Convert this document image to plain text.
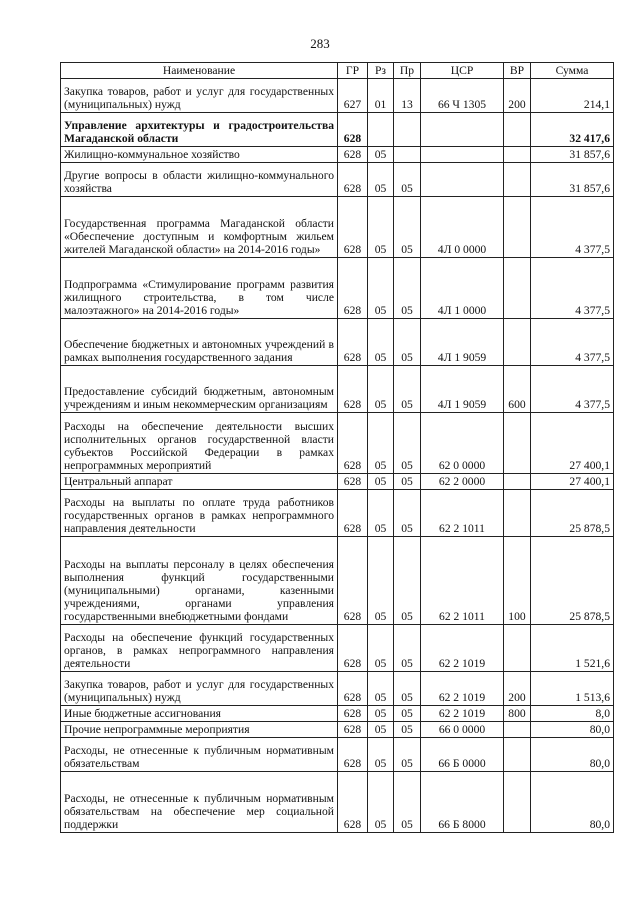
283
Наименование	ГР	Рз	Пр	ЦСР	ВР	Сумма
Закупка товаров, работ и услуг для государственных (муниципальных) нужд	627	01	13	66 Ч 1305	200	214,1
Управление архитектуры и градостроительства Магаданской области	628					32 417,6
Жилищно-коммунальное хозяйство	628	05				31 857,6
Другие вопросы в области жилищно-коммунального хозяйства	628	05	05			31 857,6
Государственная программа Магаданской области «Обеспечение доступным и комфортным жильем жителей Магаданской области» на 2014-2016 годы»	628	05	05	4Л 0 0000		4 377,5
Подпрограмма «Стимулирование программ развития жилищного строительства, в том числе малоэтажного» на 2014-2016 годы»	628	05	05	4Л 1 0000		4 377,5
Обеспечение бюджетных и автономных учреждений в рамках выполнения государственного задания	628	05	05	4Л 1 9059		4 377,5
Предоставление субсидий бюджетным, автономным учреждениям и иным некоммерческим организациям	628	05	05	4Л 1 9059	600	4 377,5
Расходы на обеспечение деятельности высших исполнительных органов государственной власти субъектов Российской Федерации в рамках непрограммных мероприятий	628	05	05	62 0 0000		27 400,1
Центральный аппарат	628	05	05	62 2 0000		27 400,1
Расходы на выплаты по оплате труда работников государственных органов в рамках непрограммного направления деятельности	628	05	05	62 2 1011		25 878,5
Расходы на выплаты персоналу в целях обеспечения выполнения функций государственными (муниципальными) органами, казенными учреждениями, органами управления государственными внебюджетными фондами	628	05	05	62 2 1011	100	25 878,5
Расходы на обеспечение функций государственных органов, в рамках непрограммного направления деятельности	628	05	05	62 2 1019		1 521,6
Закупка товаров, работ и услуг для государственных (муниципальных) нужд	628	05	05	62 2 1019	200	1 513,6
Иные бюджетные ассигнования	628	05	05	62 2 1019	800	8,0
Прочие непрограммные мероприятия	628	05	05	66 0 0000		80,0
Расходы, не отнесенные к публичным нормативным обязательствам	628	05	05	66 Б 0000		80,0
Расходы, не отнесенные к публичным нормативным обязательствам на обеспечение мер социальной поддержки	628	05	05	66 Б 8000		80,0
